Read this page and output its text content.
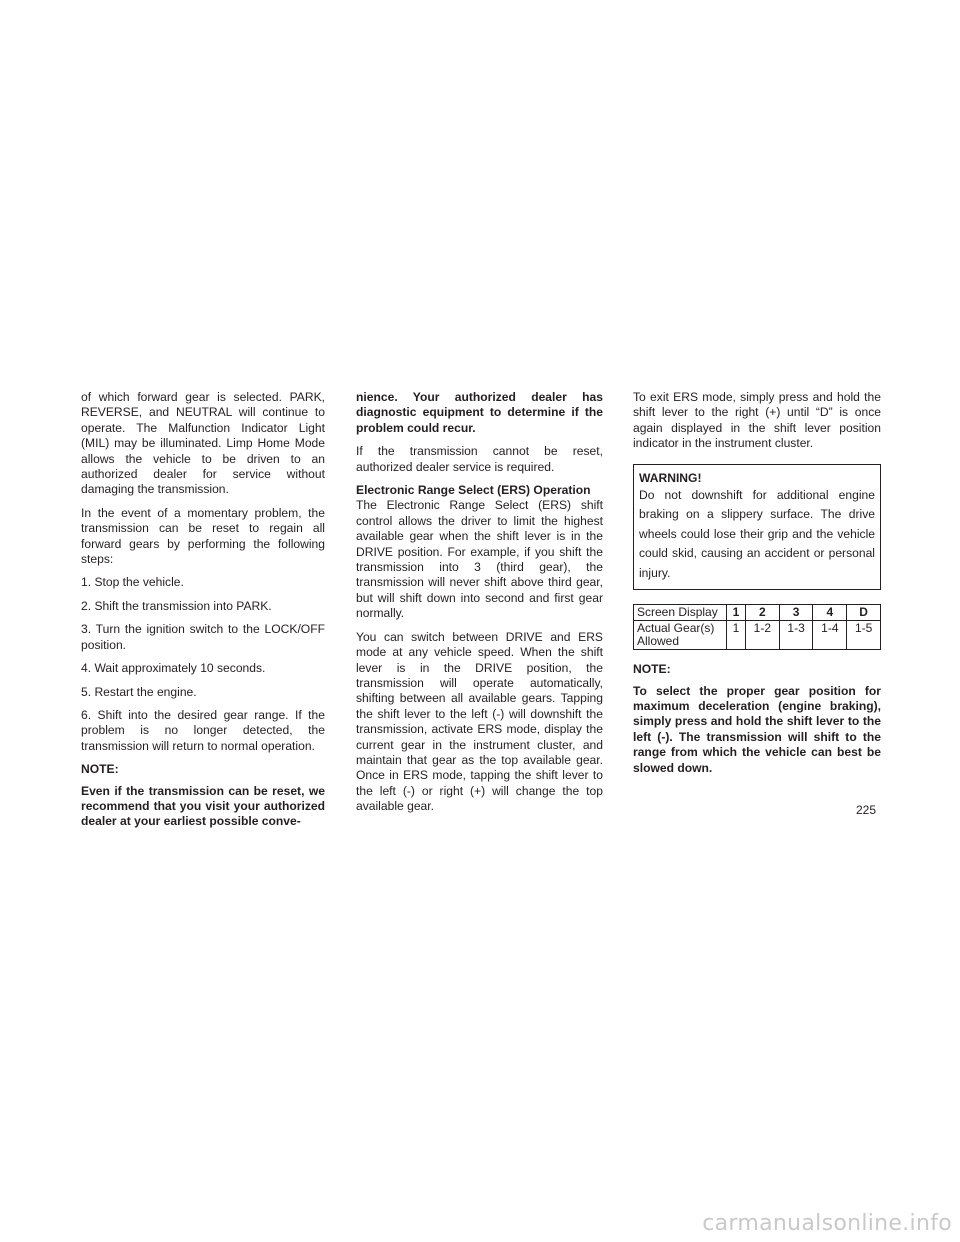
of which forward gear is selected. PARK, REVERSE, and NEUTRAL will continue to operate. The Malfunction Indicator Light (MIL) may be illuminated. Limp Home Mode allows the vehicle to be driven to an authorized dealer for service without damaging the transmission.

In the event of a momentary problem, the transmission can be reset to regain all forward gears by performing the following steps:

1. Stop the vehicle.

2. Shift the transmission into PARK.

3. Turn the ignition switch to the LOCK/OFF position.

4. Wait approximately 10 seconds.

5. Restart the engine.

6. Shift into the desired gear range. If the problem is no longer detected, the transmission will return to normal operation.

NOTE:

Even if the transmission can be reset, we recommend that you visit your authorized dealer at your earliest possible conve-

nience. Your authorized dealer has diagnostic equipment to determine if the problem could recur.

If the transmission cannot be reset, authorized dealer service is required.

Electronic Range Select (ERS) Operation

The Electronic Range Select (ERS) shift control allows the driver to limit the highest available gear when the shift lever is in the DRIVE position. For example, if you shift the transmission into 3 (third gear), the transmission will never shift above third gear, but will shift down into second and first gear normally.

You can switch between DRIVE and ERS mode at any vehicle speed. When the shift lever is in the DRIVE position, the transmission will operate automatically, shifting between all available gears. Tapping the shift lever to the left (-) will downshift the transmission, activate ERS mode, display the current gear in the instrument cluster, and maintain that gear as the top available gear. Once in ERS mode, tapping the shift lever to the left (-) or right (+) will change the top available gear.

To exit ERS mode, simply press and hold the shift lever to the right (+) until “D” is once again displayed in the shift lever position indicator in the instrument cluster.

WARNING!
Do not downshift for additional engine braking on a slippery surface. The drive wheels could lose their grip and the vehicle could skid, causing an accident or personal injury.
Screen Display	1	2	3	4	D
Actual Gear(s) Allowed	1	1-2	1-3	1-4	1-5

NOTE:

To select the proper gear position for maximum deceleration (engine braking), simply press and hold the shift lever to the left (-). The transmission will shift to the range from which the vehicle can best be slowed down.

225
carmanualsonline.info
